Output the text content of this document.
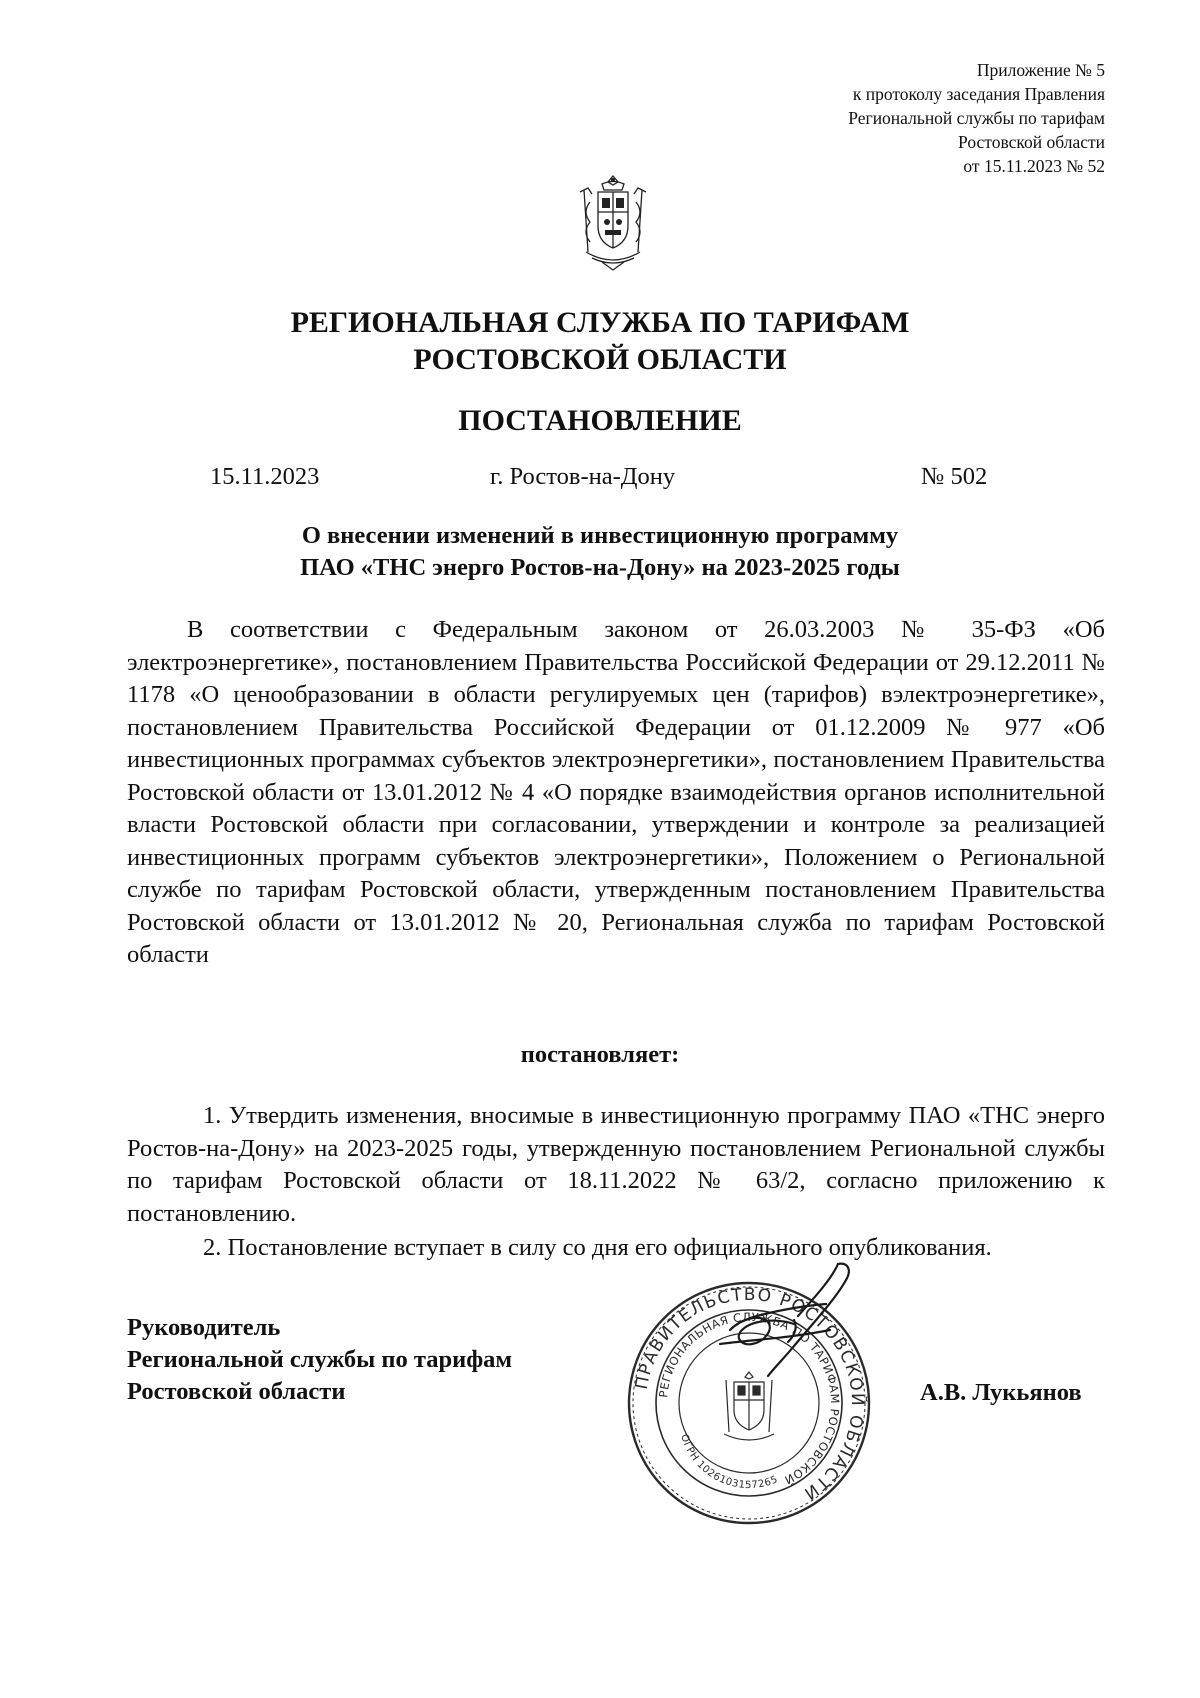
Приложение № 5
к протоколу заседания Правления
Региональной службы по тарифам
Ростовской области
от 15.11.2023 № 52
РЕГИОНАЛЬНАЯ СЛУЖБА ПО ТАРИФАМ
РОСТОВСКОЙ ОБЛАСТИ
ПОСТАНОВЛЕНИЕ
15.11.2023	г. Ростов-на-Дону	№ 502
О внесении изменений в инвестиционную программу
ПАО «ТНС энерго Ростов-на-Дону» на 2023-2025 годы
В соответствии с Федеральным законом от 26.03.2003 № 35-ФЗ «Об электроэнергетике», постановлением Правительства Российской Федерации от 29.12.2011 № 1178 «О ценообразовании в области регулируемых цен (тарифов) вэлектроэнергетике», постановлением Правительства Российской Федерации от 01.12.2009 № 977 «Об инвестиционных программах субъектов электроэнергетики», постановлением Правительства Ростовской области от 13.01.2012 № 4 «О порядке взаимодействия органов исполнительной власти Ростовской области при согласовании, утверждении и контроле за реализацией инвестиционных программ субъектов электроэнергетики», Положением о Региональной службе по тарифам Ростовской области, утвержденным постановлением Правительства Ростовской области от 13.01.2012 № 20, Региональная служба по тарифам Ростовской области
постановляет:
1. Утвердить изменения, вносимые в инвестиционную программу ПАО «ТНС энерго Ростов-на-Дону» на 2023-2025 годы, утвержденную постановлением Региональной службы по тарифам Ростовской области от 18.11.2022 № 63/2, согласно приложению к постановлению.
2. Постановление вступает в силу со дня его официального опубликования.
Руководитель
Региональной службы по тарифам
Ростовской области	ПРАВИТЕЛЬСТВО РОСТОВСКОЙ ОБЛАСТИ
РЕГИОНАЛЬНАЯ СЛУЖБА ПО ТАРИФАМ РОСТОВСКОЙ
ОГРН 1026103157265
А.В. Лукьянов
